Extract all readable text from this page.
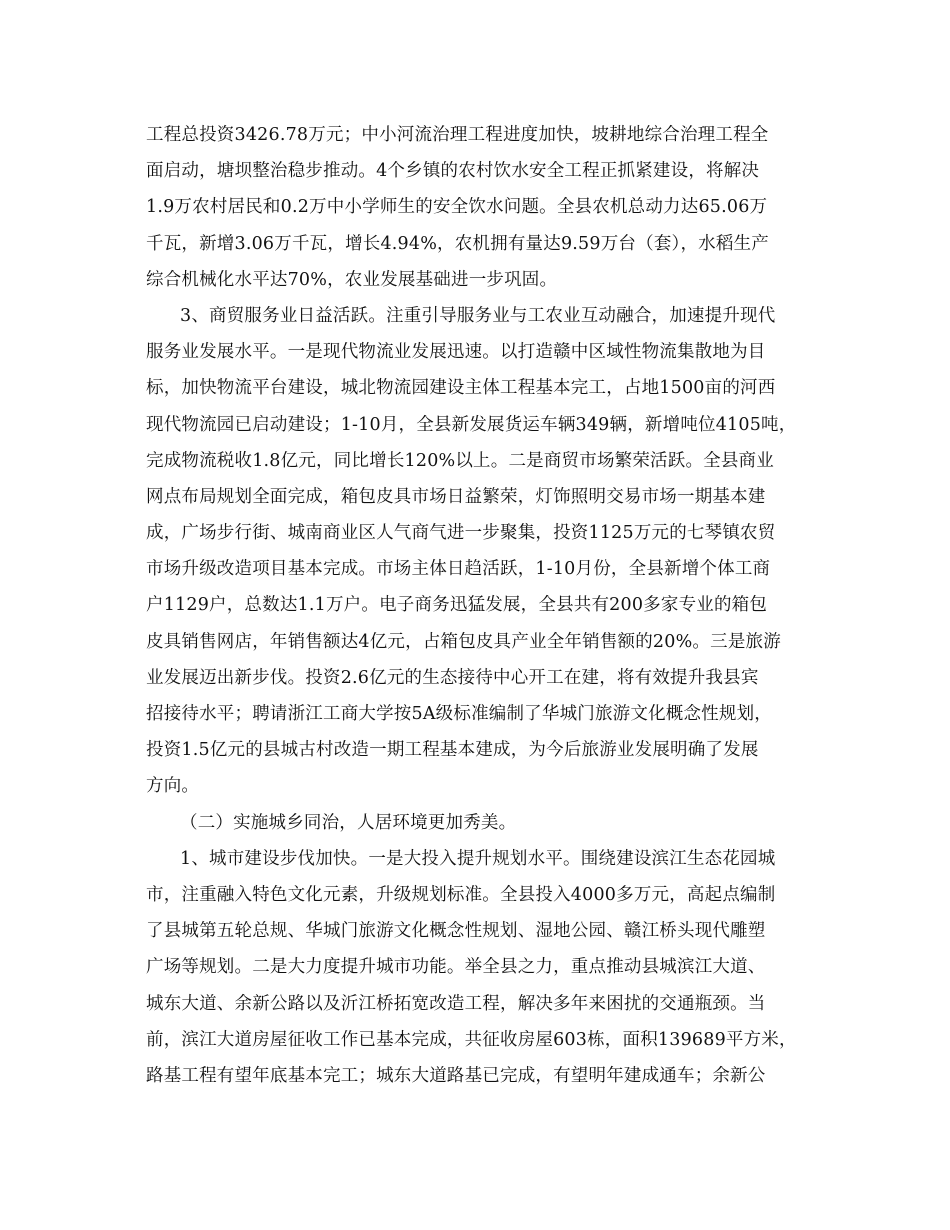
工程总投资3426.78万元；中小河流治理工程进度加快，坡耕地综合治理工程全
面启动，塘坝整治稳步推动。4个乡镇的农村饮水安全工程正抓紧建设，将解决
1.9万农村居民和0.2万中小学师生的安全饮水问题。全县农机总动力达65.06万
千瓦，新增3.06万千瓦，增长4.94%，农机拥有量达9.59万台（套），水稻生产
综合机械化水平达70%，农业发展基础进一步巩固。
3、商贸服务业日益活跃。注重引导服务业与工农业互动融合，加速提升现代
服务业发展水平。一是现代物流业发展迅速。以打造赣中区域性物流集散地为目
标，加快物流平台建设，城北物流园建设主体工程基本完工，占地1500亩的河西
现代物流园已启动建设；1-10月，全县新发展货运车辆349辆，新增吨位4105吨，
完成物流税收1.8亿元，同比增长120%以上。二是商贸市场繁荣活跃。全县商业
网点布局规划全面完成，箱包皮具市场日益繁荣，灯饰照明交易市场一期基本建
成，广场步行街、城南商业区人气商气进一步聚集，投资1125万元的七琴镇农贸
市场升级改造项目基本完成。市场主体日趋活跃，1-10月份，全县新增个体工商
户1129户，总数达1.1万户。电子商务迅猛发展，全县共有200多家专业的箱包
皮具销售网店，年销售额达4亿元，占箱包皮具产业全年销售额的20%。三是旅游
业发展迈出新步伐。投资2.6亿元的生态接待中心开工在建，将有效提升我县宾
招接待水平；聘请浙江工商大学按5A级标准编制了华城门旅游文化概念性规划，
投资1.5亿元的县城古村改造一期工程基本建成，为今后旅游业发展明确了发展
方向。
（二）实施城乡同治，人居环境更加秀美。
1、城市建设步伐加快。一是大投入提升规划水平。围绕建设滨江生态花园城
市，注重融入特色文化元素，升级规划标准。全县投入4000多万元，高起点编制
了县城第五轮总规、华城门旅游文化概念性规划、湿地公园、赣江桥头现代雕塑
广场等规划。二是大力度提升城市功能。举全县之力，重点推动县城滨江大道、
城东大道、余新公路以及沂江桥拓宽改造工程，解决多年来困扰的交通瓶颈。当
前，滨江大道房屋征收工作已基本完成，共征收房屋603栋，面积139689平方米，
路基工程有望年底基本完工；城东大道路基已完成，有望明年建成通车；余新公
